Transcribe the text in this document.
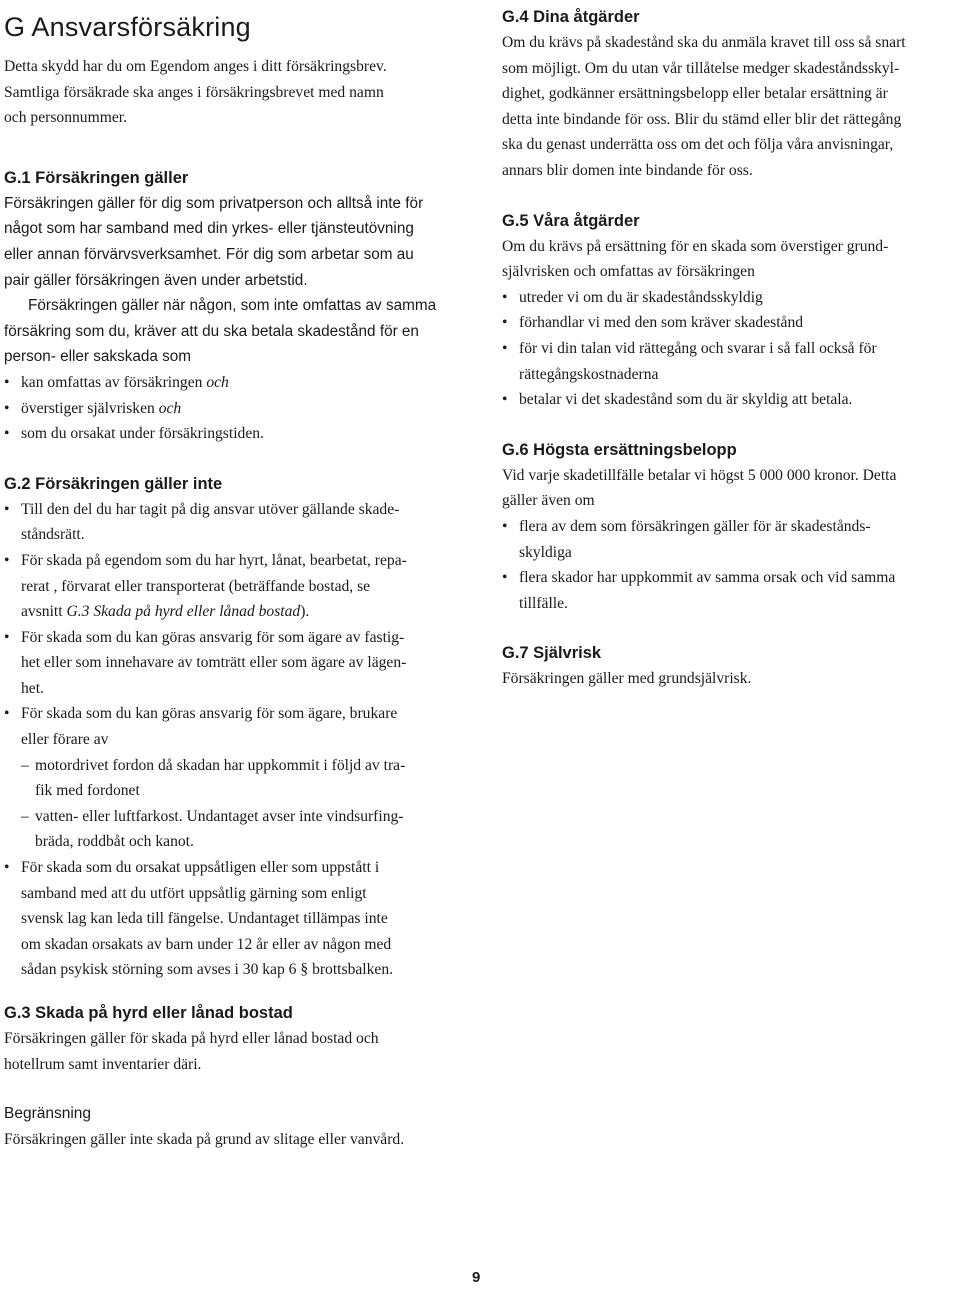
G Ansvarsförsäkring
Detta skydd har du om Egendom anges i ditt försäkringsbrev.
Samtliga försäkrade ska anges i försäkringsbrevet med namn
och personnummer.
G.1 Försäkringen gäller
Försäkringen gäller för dig som privatperson och alltså inte för
något som har samband med din yrkes- eller tjänsteutövning
eller annan förvärvsverksamhet. För dig som arbetar som au
pair gäller försäkringen även under arbetstid.
Försäkringen gäller när någon, som inte omfattas av samma
försäkring som du, kräver att du ska betala skadestånd för en
person- eller sakskada som
• kan omfattas av försäkringen och
• överstiger självrisken och
• som du orsakat under försäkringstiden.
G.2 Försäkringen gäller inte
• Till den del du har tagit på dig ansvar utöver gällande skade-
ståndsrätt.
• För skada på egendom som du har hyrt, lånat, bearbetat, repa-
rerat , förvarat eller transporterat (beträffande bostad, se
avsnitt G.3 Skada på hyrd eller lånad bostad).
• För skada som du kan göras ansvarig för som ägare av fastig-
het eller som innehavare av tomträtt eller som ägare av lägen-
het.
• För skada som du kan göras ansvarig för som ägare, brukare
eller förare av
– motordrivet fordon då skadan har uppkommit i följd av tra-
fik med fordonet
– vatten- eller luftfarkost. Undantaget avser inte vindsurfing-
bräda, roddbåt och kanot.
• För skada som du orsakat uppsåtligen eller som uppstått i
samband med att du utfört uppsåtlig gärning som enligt
svensk lag kan leda till fängelse. Undantaget tillämpas inte
om skadan orsakats av barn under 12 år eller av någon med
sådan psykisk störning som avses i 30 kap 6 § brottsbalken.
G.3 Skada på hyrd eller lånad bostad
Försäkringen gäller för skada på hyrd eller lånad bostad och
hotellrum samt inventarier däri.
Begränsning
Försäkringen gäller inte skada på grund av slitage eller vanvård.
G.4 Dina åtgärder
Om du krävs på skadestånd ska du anmäla kravet till oss så snart
som möjligt. Om du utan vår tillåtelse medger skadeståndsskyl-
dighet, godkänner ersättningsbelopp eller betalar ersättning är
detta inte bindande för oss. Blir du stämd eller blir det rättegång
ska du genast underrätta oss om det och följa våra anvisningar,
annars blir domen inte bindande för oss.
G.5 Våra åtgärder
Om du krävs på ersättning för en skada som överstiger grund-
självrisken och omfattas av försäkringen
• utreder vi om du är skadeståndsskyldig
• förhandlar vi med den som kräver skadestånd
• för vi din talan vid rättegång och svarar i så fall också för
rättegångskostnaderna
• betalar vi det skadestånd som du är skyldig att betala.
G.6 Högsta ersättningsbelopp
Vid varje skadetillfälle betalar vi högst 5 000 000 kronor. Detta
gäller även om
• flera av dem som försäkringen gäller för är skadestånds-
skyldiga
• flera skador har uppkommit av samma orsak och vid samma
tillfälle.
G.7 Självrisk
Försäkringen gäller med grundsjälvrisk.
9
